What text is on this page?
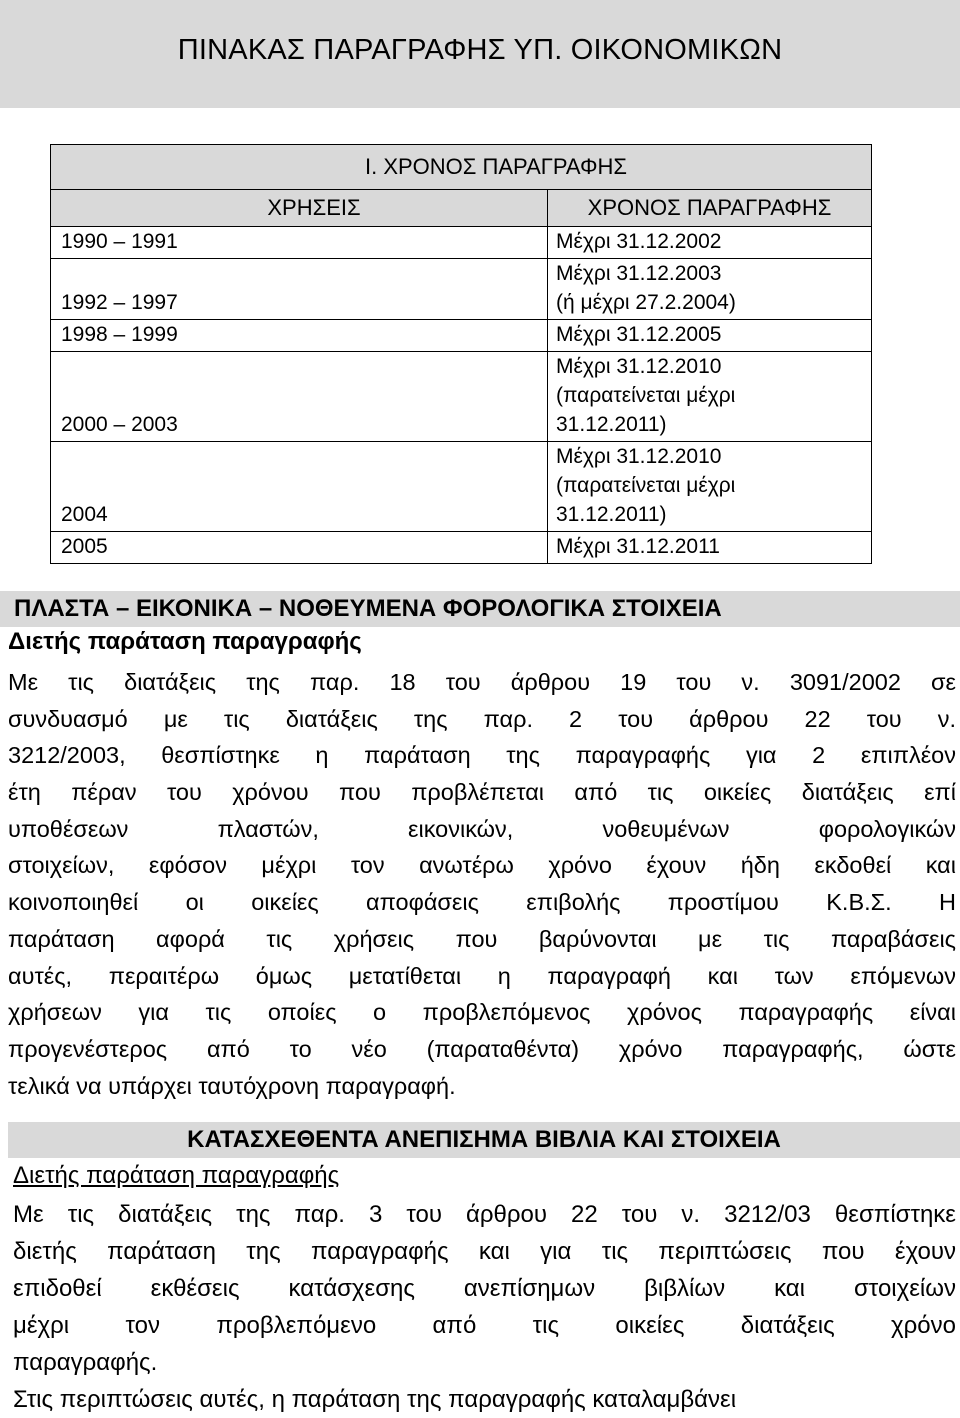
ΠΙΝΑΚΑΣ ΠΑΡΑΓΡΑΦΗΣ ΥΠ. ΟΙΚΟΝΟΜΙΚΩΝ
Ι. ΧΡΟΝΟΣ ΠΑΡΑΓΡΑΦΗΣ	
ΧΡΗΣΕΙΣ	ΧΡΟΝΟΣ ΠΑΡΑΓΡΑΦΗΣ
1990 – 1991	Μέχρι 31.12.2002

1992 – 1997	Μέχρι 31.12.2003
(ή μέχρι 27.2.2004)

1998 – 1999	Μέχρι 31.12.2005

2000 – 2003	Μέχρι 31.12.2010
(παρατείνεται μέχρι
31.12.2011)

2004	Μέχρι 31.12.2010
(παρατείνεται μέχρι
31.12.2011)

2005	Μέχρι 31.12.2011
ΠΛΑΣΤΑ – ΕΙΚΟΝΙΚΑ – ΝΟΘΕΥΜΕΝΑ ΦΟΡΟΛΟΓΙΚΑ ΣΤΟΙΧΕΙΑ
Διετής παράταση παραγραφής
Με τις διατάξεις της παρ. 18 του άρθρου 19 του ν. 3091/2002 σε
συνδυασμό με τις διατάξεις της παρ. 2 του άρθρου 22 του ν.
3212/2003, θεσπίστηκε η παράταση της παραγραφής για 2 επιπλέον
έτη πέραν του χρόνου που προβλέπεται από τις οικείες διατάξεις επί
υποθέσεων πλαστών, εικονικών, νοθευμένων φορολογικών
στοιχείων, εφόσον μέχρι τον ανωτέρω χρόνο έχουν ήδη εκδοθεί και
κοινοποιηθεί οι οικείες αποφάσεις επιβολής προστίμου Κ.Β.Σ. Η
παράταση αφορά τις χρήσεις που βαρύνονται με τις παραβάσεις
αυτές, περαιτέρω όμως μετατίθεται η παραγραφή και των επόμενων
χρήσεων για τις οποίες ο προβλεπόμενος χρόνος παραγραφής είναι
προγενέστερος από το νέο (παραταθέντα) χρόνο παραγραφής, ώστε
τελικά να υπάρχει ταυτόχρονη παραγραφή.
ΚΑΤΑΣΧΕΘΕΝΤΑ ΑΝΕΠΙΣΗΜΑ ΒΙΒΛΙΑ ΚΑΙ ΣΤΟΙΧΕΙΑ
Διετής παράταση παραγραφής
Με τις διατάξεις της παρ. 3 του άρθρου 22 του ν. 3212/03 θεσπίστηκε
διετής παράταση της παραγραφής και για τις περιπτώσεις που έχουν
επιδοθεί εκθέσεις κατάσχεσης ανεπίσημων βιβλίων και στοιχείων
μέχρι τον προβλεπόμενο από τις οικείες διατάξεις χρόνο
παραγραφής.
Στις περιπτώσεις αυτές, η παράταση της παραγραφής καταλαμβάνει
